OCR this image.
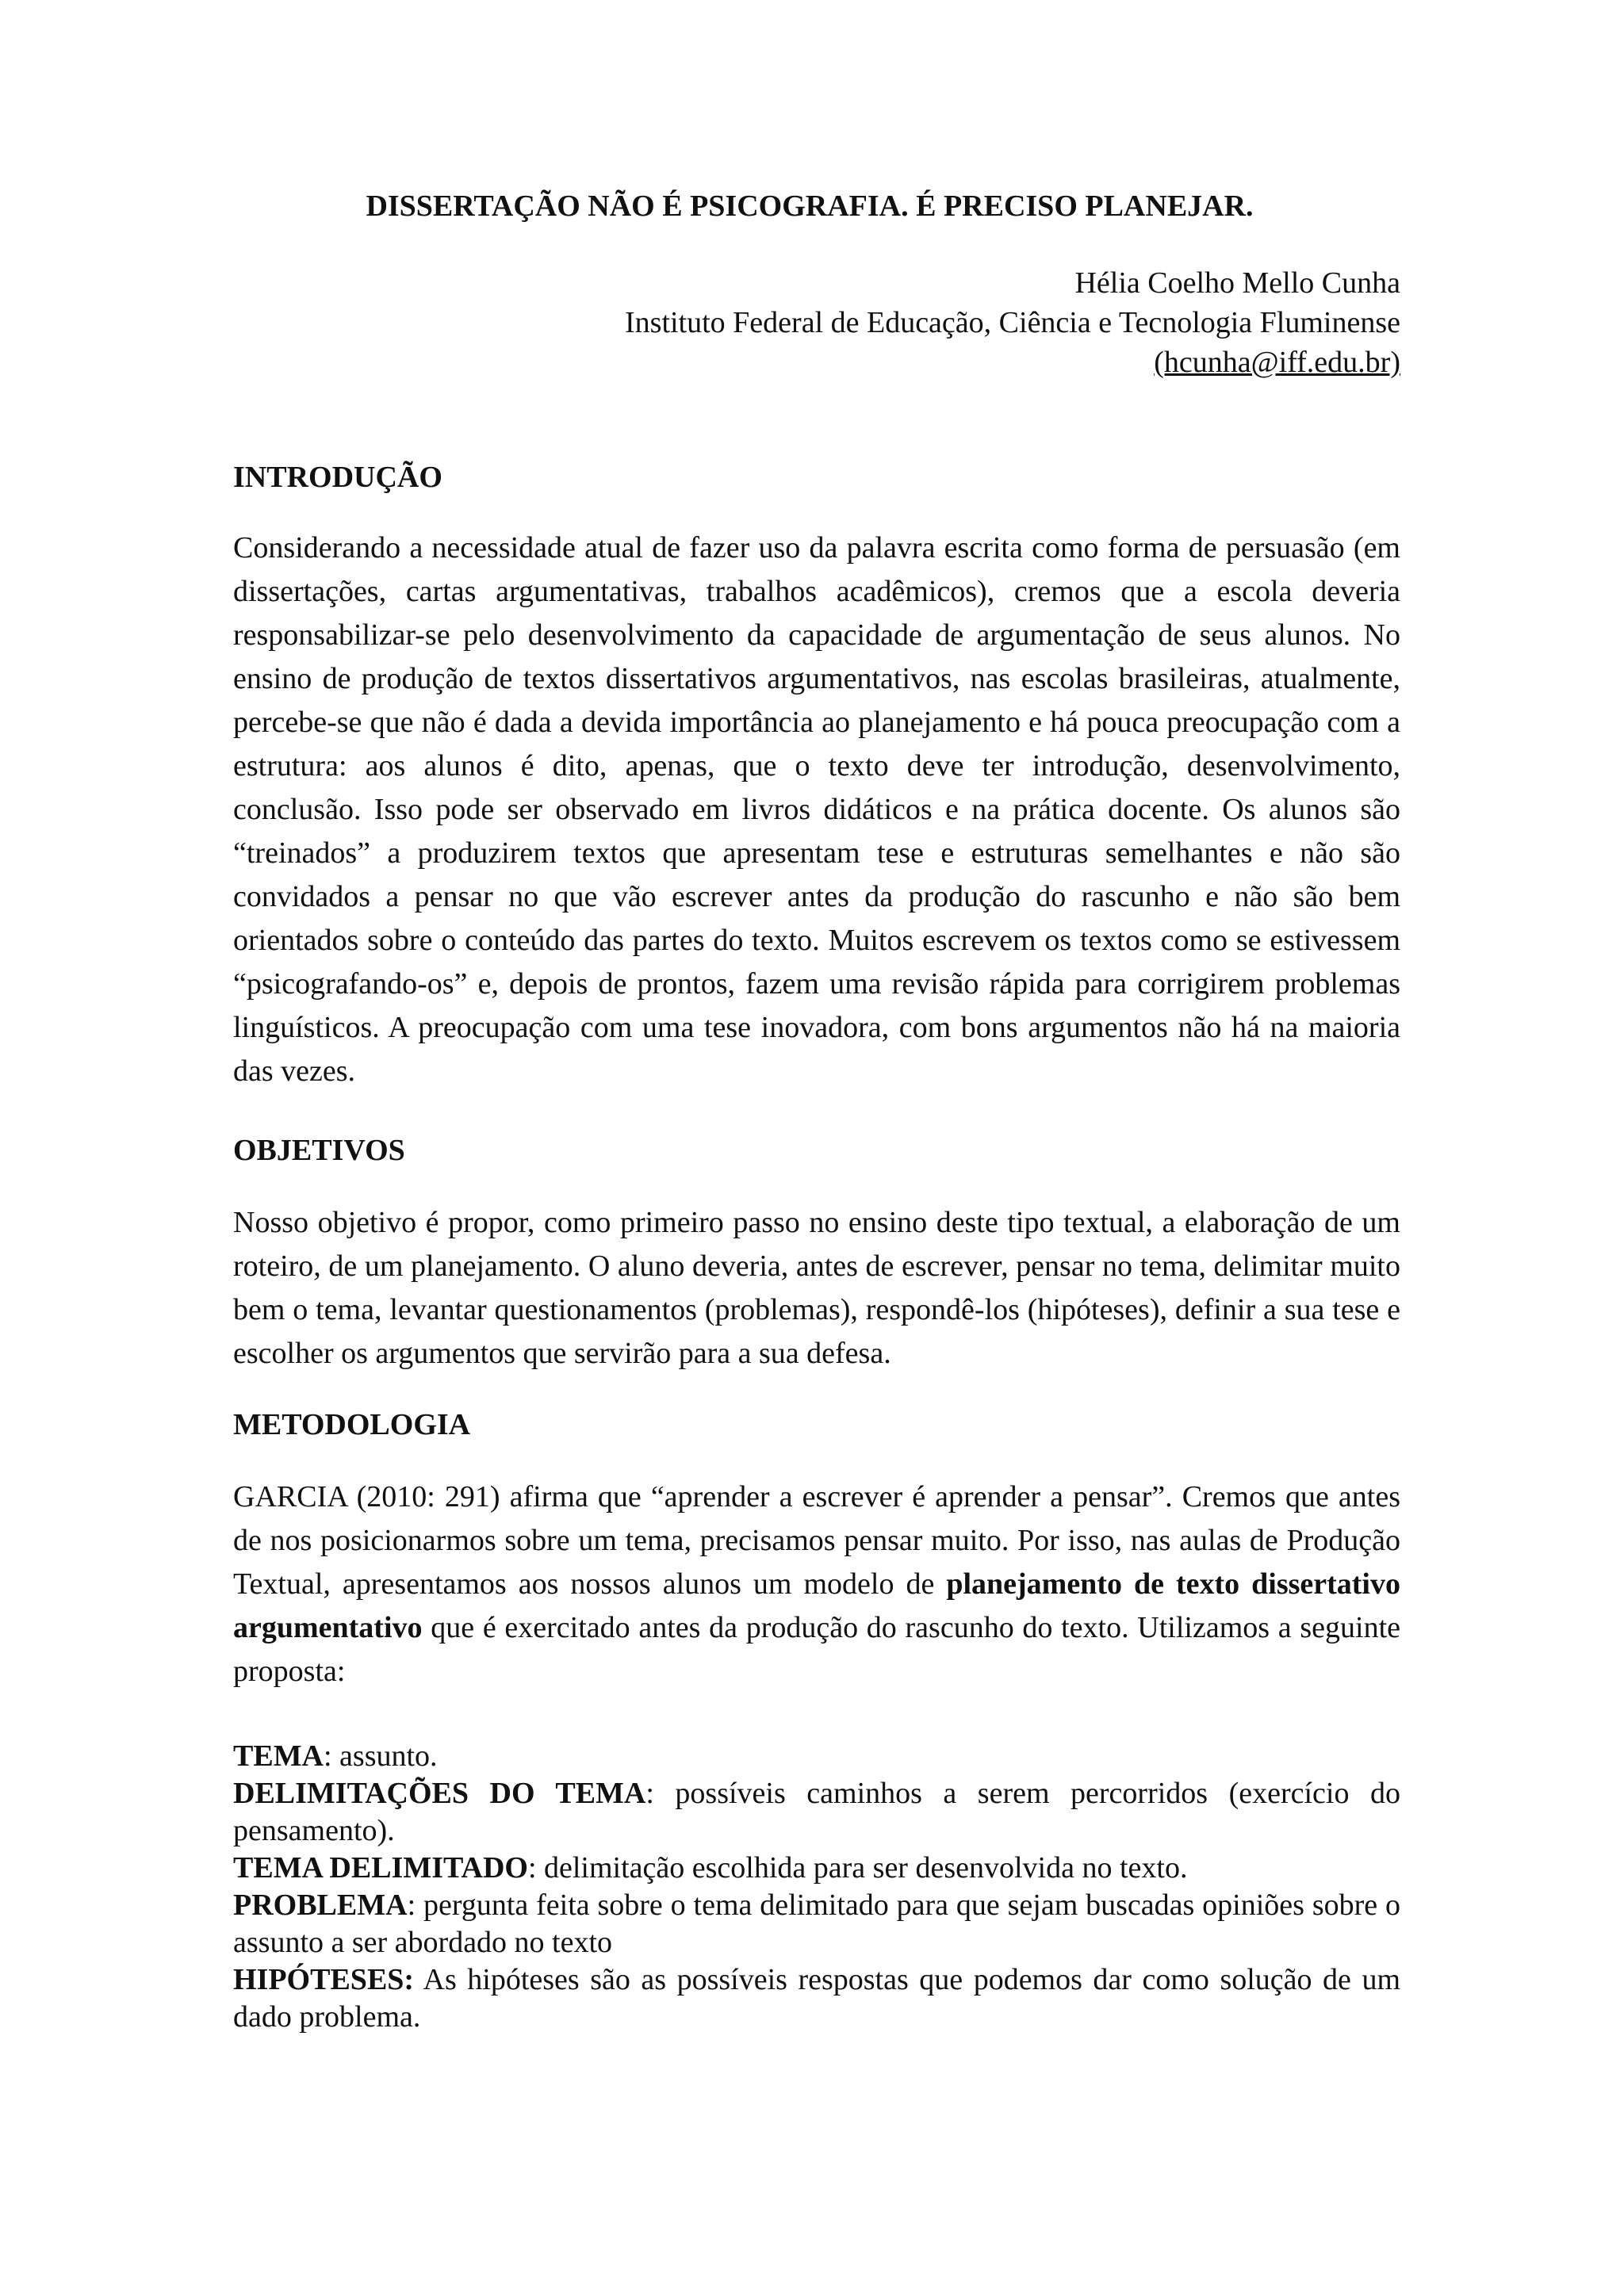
DISSERTAÇÃO NÃO É PSICOGRAFIA. É PRECISO PLANEJAR.
Hélia Coelho Mello Cunha
Instituto Federal de Educação, Ciência e Tecnologia Fluminense
(hcunha@iff.edu.br)
INTRODUÇÃO

Considerando a necessidade atual de fazer uso da palavra escrita como forma de persuasão (em dissertações, cartas argumentativas, trabalhos acadêmicos), cremos que a escola deveria responsabilizar-se pelo desenvolvimento da capacidade de argumentação de seus alunos. No ensino de produção de textos dissertativos argumentativos, nas escolas brasileiras, atualmente, percebe-se que não é dada a devida importância ao planejamento e há pouca preocupação com a estrutura: aos alunos é dito, apenas, que o texto deve ter introdução, desenvolvimento, conclusão. Isso pode ser observado em livros didáticos e na prática docente. Os alunos são “treinados” a produzirem textos que apresentam tese e estruturas semelhantes e não são convidados a pensar no que vão escrever antes da produção do rascunho e não são bem orientados sobre o conteúdo das partes do texto. Muitos escrevem os textos como se estivessem “psicografando-os” e, depois de prontos, fazem uma revisão rápida para corrigirem problemas linguísticos. A preocupação com uma tese inovadora, com bons argumentos não há na maioria das vezes.

OBJETIVOS

Nosso objetivo é propor, como primeiro passo no ensino deste tipo textual, a elaboração de um roteiro, de um planejamento. O aluno deveria, antes de escrever, pensar no tema, delimitar muito bem o tema, levantar questionamentos (problemas), respondê-los (hipóteses), definir a sua tese e escolher os argumentos que servirão para a sua defesa.

METODOLOGIA

GARCIA (2010: 291) afirma que “aprender a escrever é aprender a pensar”. Cremos que antes de nos posicionarmos sobre um tema, precisamos pensar muito. Por isso, nas aulas de Produção Textual, apresentamos aos nossos alunos um modelo de planejamento de texto dissertativo argumentativo que é exercitado antes da produção do rascunho do texto. Utilizamos a seguinte proposta:

TEMA: assunto.
DELIMITAÇÕES DO TEMA: possíveis caminhos a serem percorridos (exercício do pensamento).
TEMA DELIMITADO: delimitação escolhida para ser desenvolvida no texto.
PROBLEMA: pergunta feita sobre o tema delimitado para que sejam buscadas opiniões sobre o assunto a ser abordado no texto
HIPÓTESES: As hipóteses são as possíveis respostas que podemos dar como solução de um dado problema.
